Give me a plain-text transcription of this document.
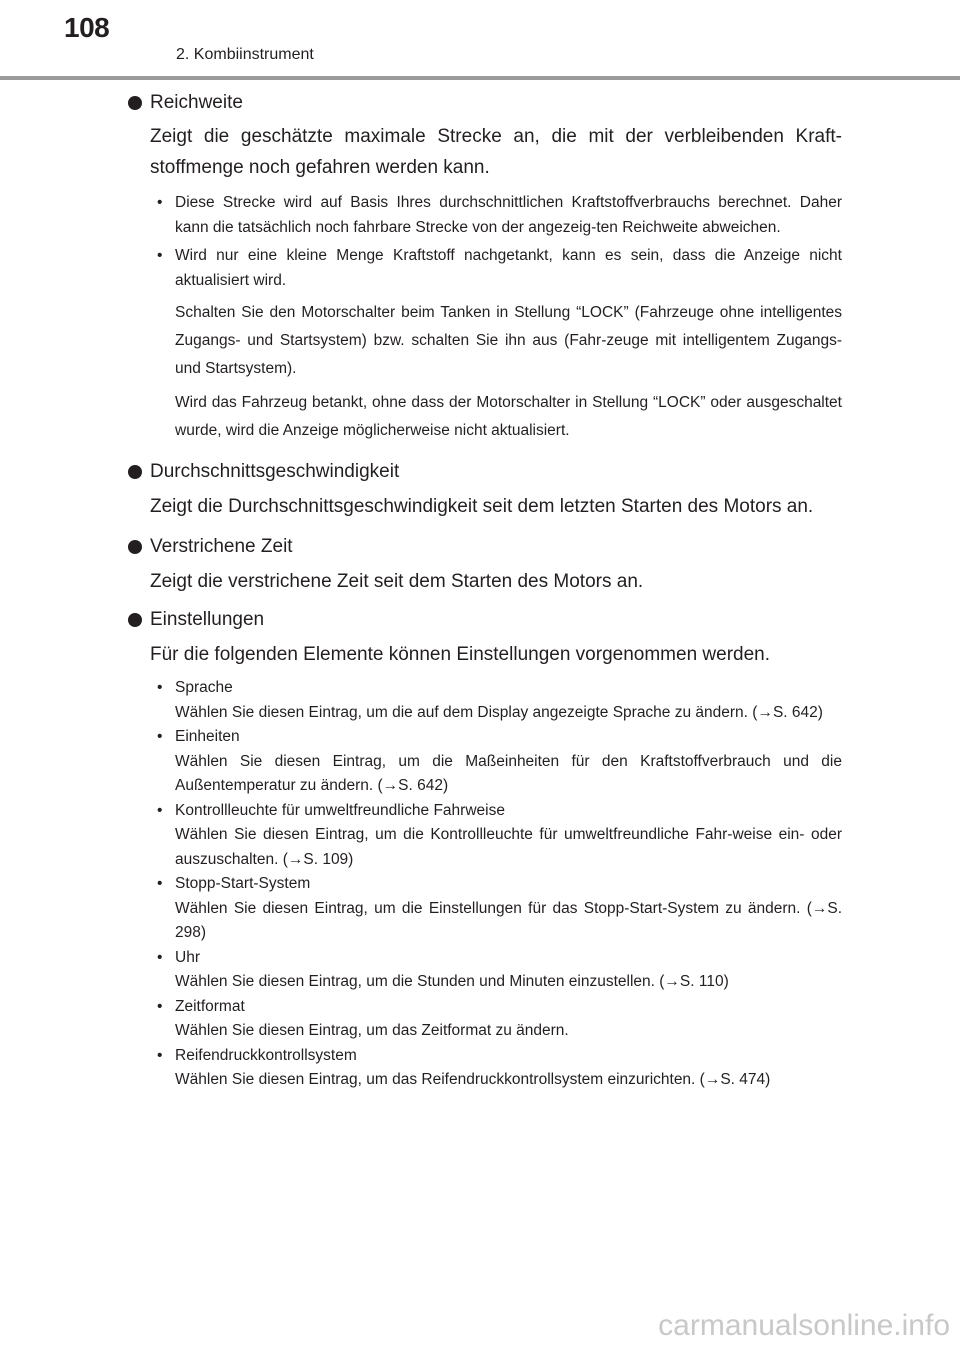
108
2. Kombiinstrument
Reichweite
Zeigt die geschätzte maximale Strecke an, die mit der verbleibenden Kraft-stoffmenge noch gefahren werden kann.
• Diese Strecke wird auf Basis Ihres durchschnittlichen Kraftstoffverbrauchs berechnet. Daher kann die tatsächlich noch fahrbare Strecke von der angezeig-ten Reichweite abweichen.
• Wird nur eine kleine Menge Kraftstoff nachgetankt, kann es sein, dass die Anzeige nicht aktualisiert wird.
Schalten Sie den Motorschalter beim Tanken in Stellung “LOCK” (Fahrzeuge ohne intelligentes Zugangs- und Startsystem) bzw. schalten Sie ihn aus (Fahr-zeuge mit intelligentem Zugangs- und Startsystem).
Wird das Fahrzeug betankt, ohne dass der Motorschalter in Stellung “LOCK” oder ausgeschaltet wurde, wird die Anzeige möglicherweise nicht aktualisiert.
Durchschnittsgeschwindigkeit
Zeigt die Durchschnittsgeschwindigkeit seit dem letzten Starten des Motors an.
Verstrichene Zeit
Zeigt die verstrichene Zeit seit dem Starten des Motors an.
Einstellungen
Für die folgenden Elemente können Einstellungen vorgenommen werden.
• Sprache
Wählen Sie diesen Eintrag, um die auf dem Display angezeigte Sprache zu ändern. (→S. 642)
• Einheiten
Wählen Sie diesen Eintrag, um die Maßeinheiten für den Kraftstoffverbrauch und die Außentemperatur zu ändern. (→S. 642)
• Kontrollleuchte für umweltfreundliche Fahrweise
Wählen Sie diesen Eintrag, um die Kontrollleuchte für umweltfreundliche Fahr-weise ein- oder auszuschalten. (→S. 109)
• Stopp-Start-System
Wählen Sie diesen Eintrag, um die Einstellungen für das Stopp-Start-System zu ändern. (→S. 298)
• Uhr
Wählen Sie diesen Eintrag, um die Stunden und Minuten einzustellen. (→S. 110)
• Zeitformat
Wählen Sie diesen Eintrag, um das Zeitformat zu ändern.
• Reifendruckkontrollsystem
Wählen Sie diesen Eintrag, um das Reifendruckkontrollsystem einzurichten. (→S. 474)
carmanualsonline.info
